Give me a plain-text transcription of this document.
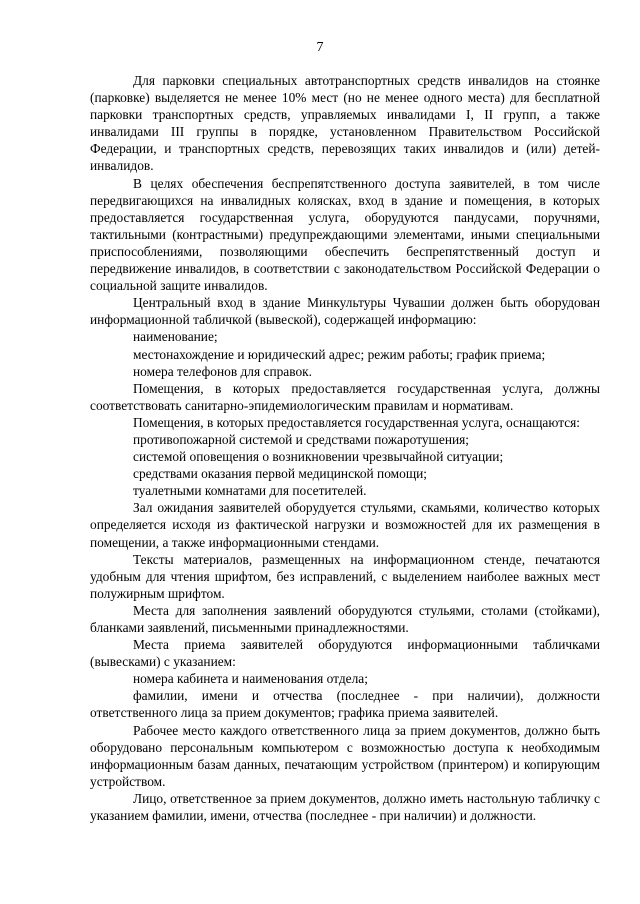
7

Для парковки специальных автотранспортных средств инвалидов на стоянке (парковке) выделяется не менее 10% мест (но не менее одного места) для бесплатной парковки транспортных средств, управляемых инвалидами I, II групп, а также инвалидами III группы в порядке, установленном Правительством Российской Федерации, и транспортных средств, перевозящих таких инвалидов и (или) детей-инвалидов.

В целях обеспечения беспрепятственного доступа заявителей, в том числе передвигающихся на инвалидных колясках, вход в здание и помещения, в которых предоставляется государственная услуга, оборудуются пандусами, поручнями, тактильными (контрастными) предупреждающими элементами, иными специальными приспособлениями, позволяющими обеспечить беспрепятственный доступ и передвижение инвалидов, в соответствии с законодательством Российской Федерации о социальной защите инвалидов.

Центральный вход в здание Минкультуры Чувашии должен быть оборудован информационной табличкой (вывеской), содержащей информацию:

наименование;

местонахождение и юридический адрес; режим работы; график приема;

номера телефонов для справок.

Помещения, в которых предоставляется государственная услуга, должны соответствовать санитарно-эпидемиологическим правилам и нормативам.

Помещения, в которых предоставляется государственная услуга, оснащаются:

противопожарной системой и средствами пожаротушения;

системой оповещения о возникновении чрезвычайной ситуации;

средствами оказания первой медицинской помощи;

туалетными комнатами для посетителей.

Зал ожидания заявителей оборудуется стульями, скамьями, количество которых определяется исходя из фактической нагрузки и возможностей для их размещения в помещении, а также информационными стендами.

Тексты материалов, размещенных на информационном стенде, печатаются удобным для чтения шрифтом, без исправлений, с выделением наиболее важных мест полужирным шрифтом.

Места для заполнения заявлений оборудуются стульями, столами (стойками), бланками заявлений, письменными принадлежностями.

Места приема заявителей оборудуются информационными табличками (вывесками) с указанием:

номера кабинета и наименования отдела;

фамилии, имени и отчества (последнее - при наличии), должности ответственного лица за прием документов; графика приема заявителей.

Рабочее место каждого ответственного лица за прием документов, должно быть оборудовано персональным компьютером с возможностью доступа к необходимым информационным базам данных, печатающим устройством (принтером) и копирующим устройством.

Лицо, ответственное за прием документов, должно иметь настольную табличку с указанием фамилии, имени, отчества (последнее - при наличии) и должности.
